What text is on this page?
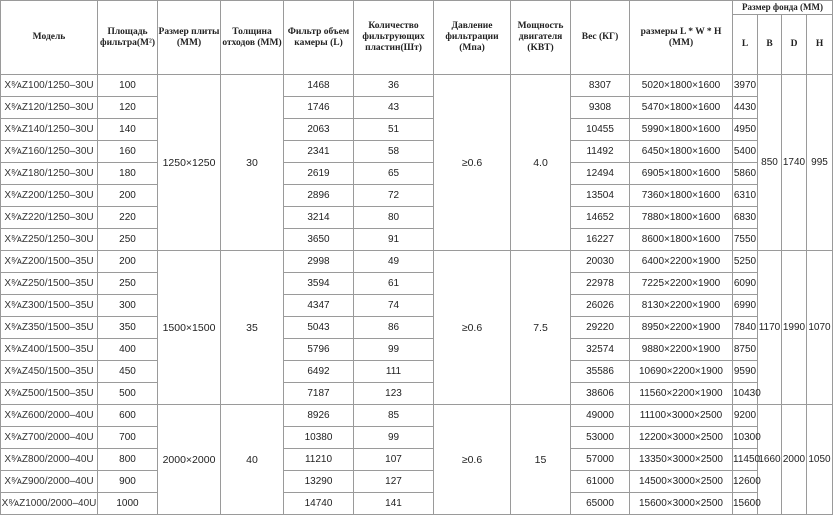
Модель	Площадь фильтра(М²)	Размер плиты (MM)	Толщина отходов (MM)	Фильтр объем камеры (L)	Количество фильтрующих пластин(Шт)	Давление фильтрации (Мпа)	Мощность двигателя (KBT)	Вес (КГ)	размеры L * W * H (MM)	Размер фонда (MM)			
										L	B	D	H
X⁸⁄ᴀZ100/1250–30U	100	1250×1250	30	1468	36	≥0.6	4.0	8307	5020×1800×1600	3970	850	1740	995
X⁸⁄ᴀZ120/1250–30U	120			1746	43			9308	5470×1800×1600	4430			
X⁸⁄ᴀZ140/1250–30U	140			2063	51			10455	5990×1800×1600	4950			
X⁸⁄ᴀZ160/1250–30U	160			2341	58			11492	6450×1800×1600	5400			
X⁸⁄ᴀZ180/1250–30U	180			2619	65			12494	6905×1800×1600	5860			
X⁸⁄ᴀZ200/1250–30U	200			2896	72			13504	7360×1800×1600	6310			
X⁸⁄ᴀZ220/1250–30U	220			3214	80			14652	7880×1800×1600	6830			
X⁸⁄ᴀZ250/1250–30U	250			3650	91			16227	8600×1800×1600	7550			
X⁸⁄ᴀZ200/1500–35U	200	1500×1500	35	2998	49	≥0.6	7.5	20030	6400×2200×1900	5250	1170	1990	1070
X⁸⁄ᴀZ250/1500–35U	250			3594	61			22978	7225×2200×1900	6090			
X⁸⁄ᴀZ300/1500–35U	300			4347	74			26026	8130×2200×1900	6990			
X⁸⁄ᴀZ350/1500–35U	350			5043	86			29220	8950×2200×1900	7840			
X⁸⁄ᴀZ400/1500–35U	400			5796	99			32574	9880×2200×1900	8750			
X⁸⁄ᴀZ450/1500–35U	450			6492	111			35586	10690×2200×1900	9590			
X⁸⁄ᴀZ500/1500–35U	500			7187	123			38606	11560×2200×1900	10430			
X⁸⁄ᴀZ600/2000–40U	600	2000×2000	40	8926	85	≥0.6	15	49000	11100×3000×2500	9200	1660	2000	1050
X⁸⁄ᴀZ700/2000–40U	700			10380	99			53000	12200×3000×2500	10300			
X⁸⁄ᴀZ800/2000–40U	800			11210	107			57000	13350×3000×2500	11450			
X⁸⁄ᴀZ900/2000–40U	900			13290	127			61000	14500×3000×2500	12600			
X⁸⁄ᴀZ1000/2000–40U	1000			14740	141			65000	15600×3000×2500	15600			
